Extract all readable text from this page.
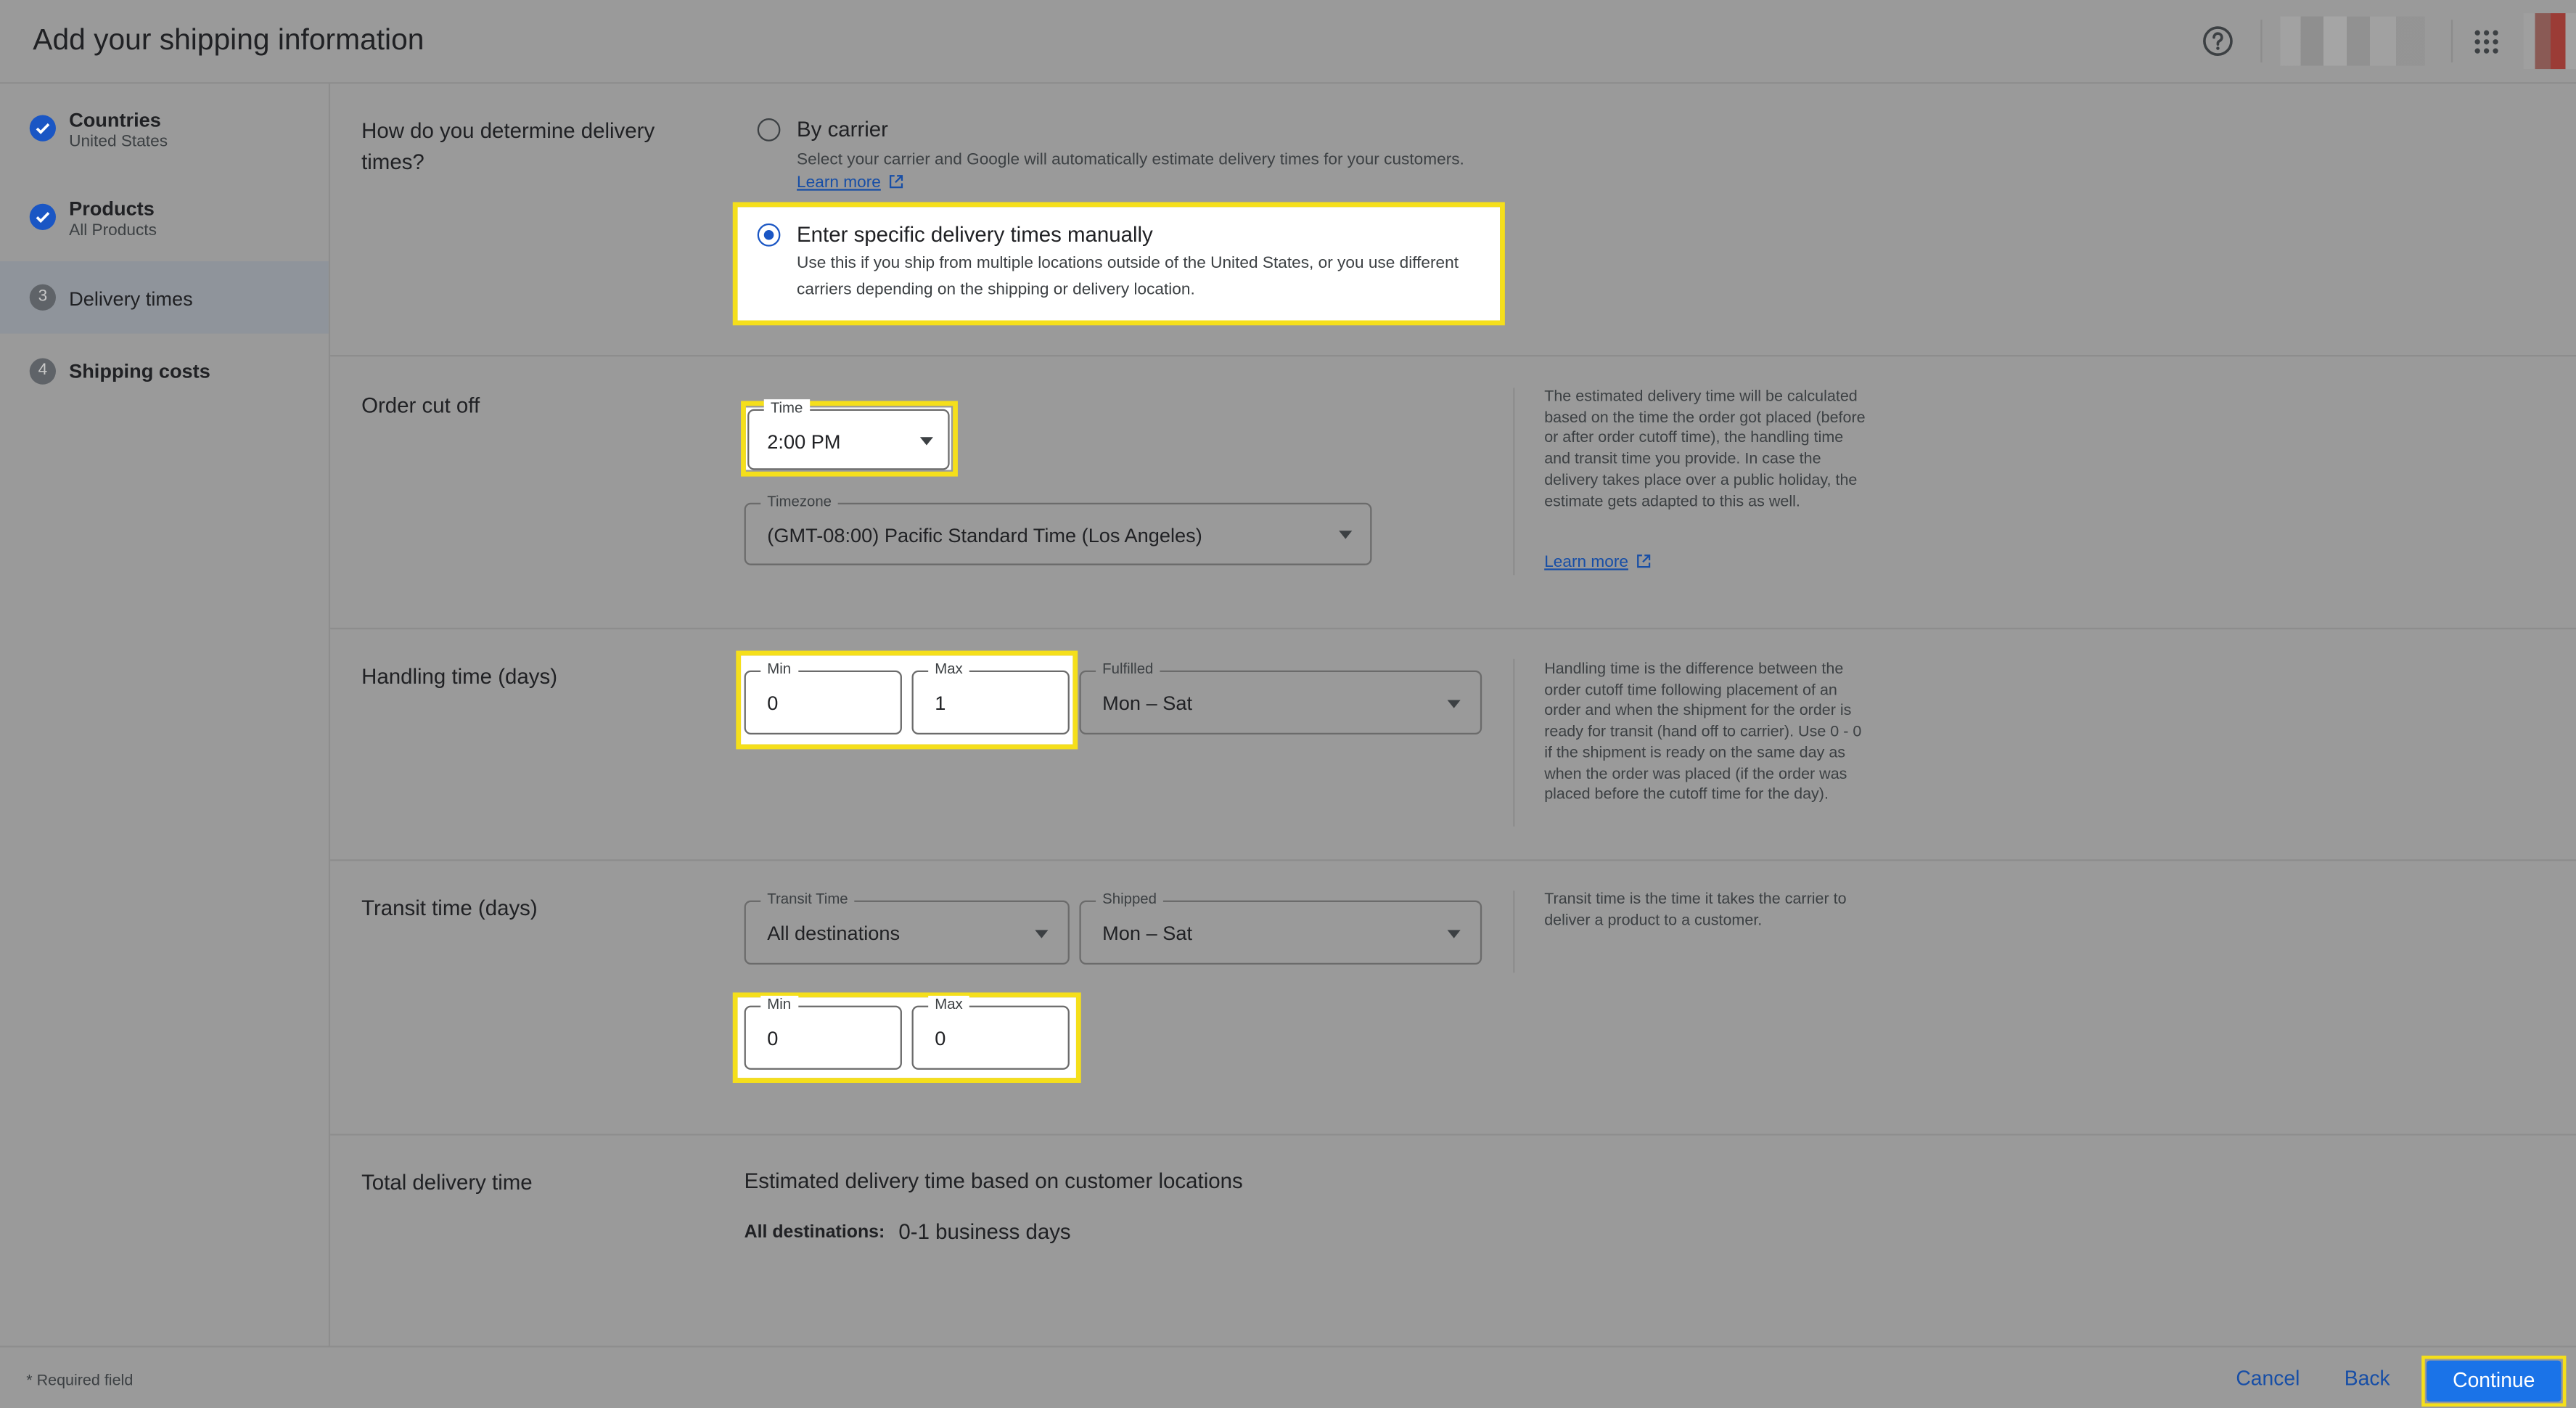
Add your shipping information
Countries
United States
Products
All Products
3	Delivery times
4	Shipping costs
How do you determine delivery times?
By carrier
Select your carrier and Google will automatically estimate delivery times for your customers.
Learn more
Enter specific delivery times manually
Use this if you ship from multiple locations outside of the United States, or you use different carriers depending on the shipping or delivery location.
Order cut off	Time
2:00 PM
Timezone
(GMT-08:00) Pacific Standard Time (Los Angeles)
The estimated delivery time will be calculated based on the time the order got placed (before or after order cutoff time), the handling time and transit time you provide. In case the delivery takes place over a public holiday, the estimate gets adapted to this as well.
Learn more
Handling time (days)	Min
0
Max
1
Fulfilled
Mon – Sat
Handling time is the difference between the order cutoff time following placement of an order and when the shipment for the order is ready for transit (hand off to carrier). Use 0 - 0 if the shipment is ready on the same day as when the order was placed (if the order was placed before the cutoff time for the day).
Transit time (days)	Transit Time
All destinations
Shipped
Mon – Sat
Min
0
Max
0
Transit time is the time it takes the carrier to deliver a product to a customer.
Total delivery time	Estimated delivery time based on customer locations
All destinations: 0-1 business days
* Required field	Cancel	Back	Continue
